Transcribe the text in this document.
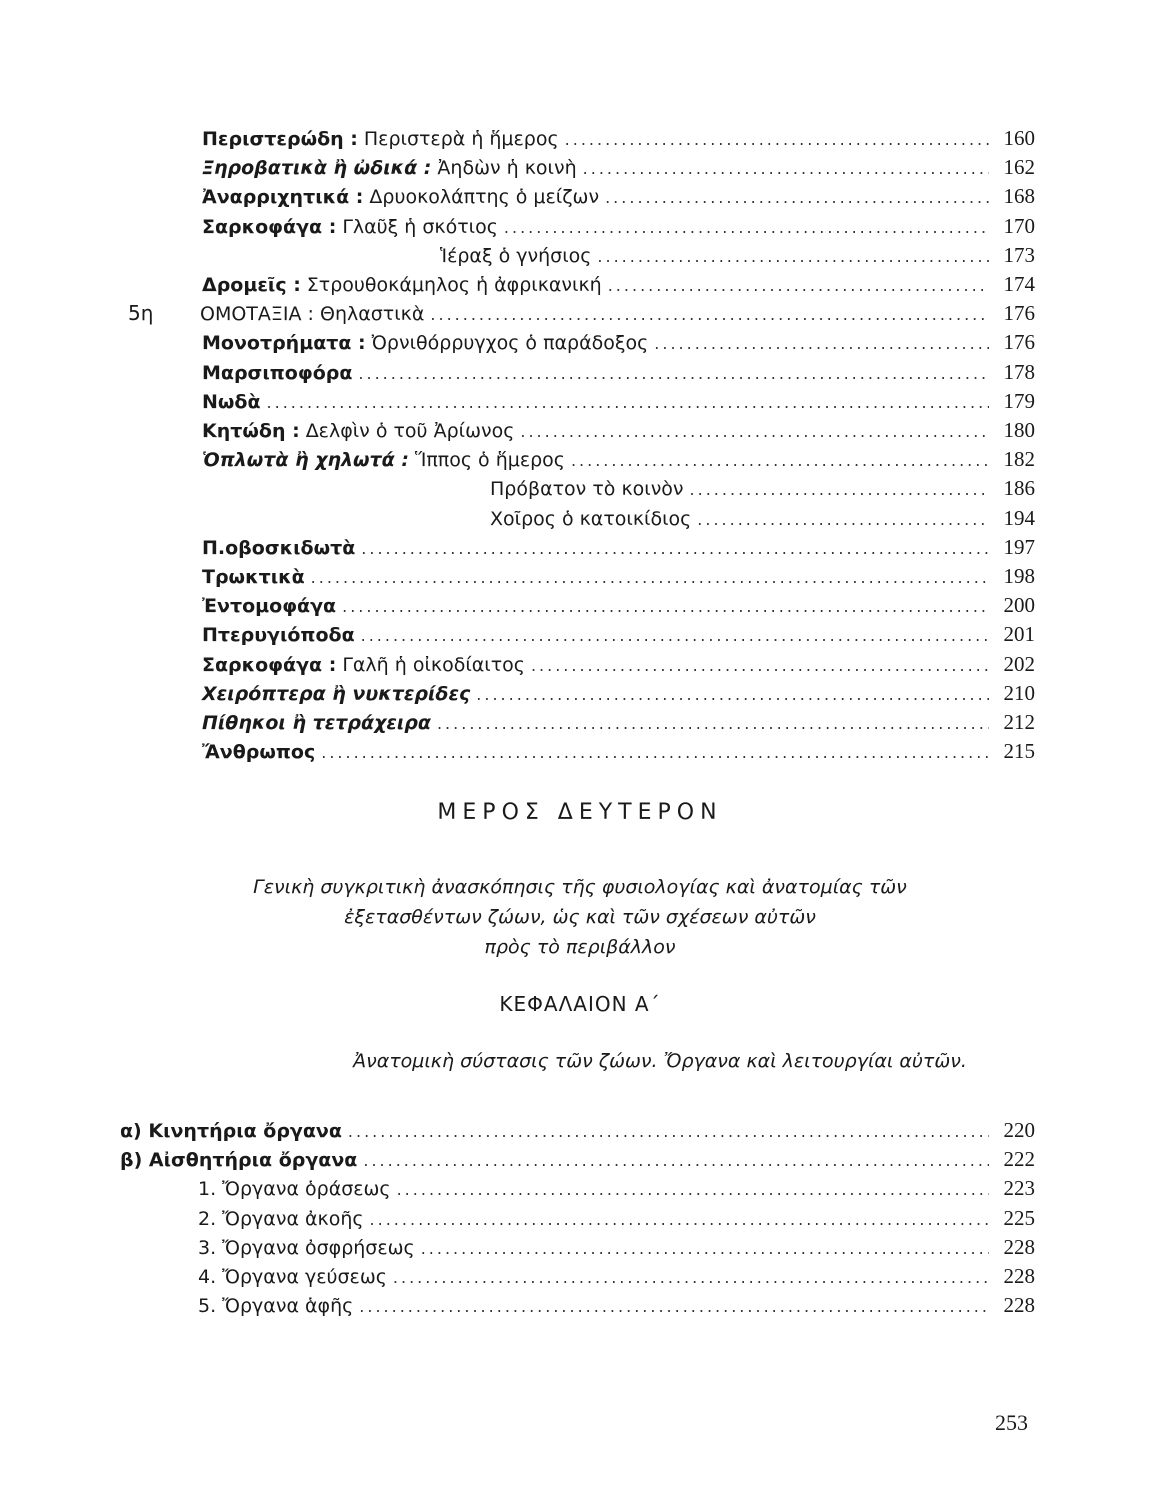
Περιστερώδη : Περιστερὰ ἡ ἥμερος .....	160
Ξηροβατικὰ ἢ ὠδικά : Ἀηδὼν ἡ κοινὴ .....	162
Ἀναρριχητικά : Δρυοκολάπτης ὁ μείζων .....	168
Σαρκοφάγα : Γλαῦξ ἡ σκότιος .....	170
Ἱέραξ ὁ γνήσιος .....	173
Δρομεῖς : Στρουθοκάμηλος ἡ ἀφρικανική .....	174
5η ΟΜΟΤΑΞΙΑ : Θηλαστικὰ .....	176
Μονοτρήματα : Ὀρνιθόρρυγχος ὁ παράδοξος .....	176
Μαρσιποφόρα .....	178
Νωδὰ .....	179
Κητώδη : Δελφὶν ὁ τοῦ Ἀρίωνος .....	180
Ὁπλωτὰ ἢ χηλωτά : Ἵππος ὁ ἥμερος .....	182
Πρόβατον τὸ κοινὸν .....	186
Χοῖρος ὁ κατοικίδιος .....	194
Π.οβοσκιδωτὰ .....	197
Τρωκτικὰ .....	198
Ἐντομοφάγα .....	200
Πτερυγιόποδα .....	201
Σαρκοφάγα : Γαλῆ ἡ οἰκοδίαιτος .....	202
Χειρόπτερα ἢ νυκτερίδες .....	210
Πίθηκοι ἢ τετράχειρα .....	212
Ἄνθρωπος .....	215
ΜΕΡΟΣ ΔΕΥΤΕΡΟΝ
Γενικὴ συγκριτικὴ ἀνασκόπησις τῆς φυσιολογίας καὶ ἀνατομίας τῶν
ἐξετασθέντων ζώων, ὡς καὶ τῶν σχέσεων αὐτῶν
πρὸς τὸ περιβάλλον
ΚΕΦΑΛΑΙΟΝ Α΄
Ἀνατομικὴ σύστασις τῶν ζώων. Ὄργανα καὶ λειτουργίαι αὐτῶν.
α) Κινητήρια ὄργανα .....	220
β) Αἰσθητήρια ὄργανα .....	222
1. Ὄργανα ὁράσεως .....	223
2. Ὄργανα ἀκοῆς .....	225
3. Ὄργανα ὀσφρήσεως .....	228
4. Ὄργανα γεύσεως .....	228
5. Ὄργανα ἁφῆς .....	228
253
